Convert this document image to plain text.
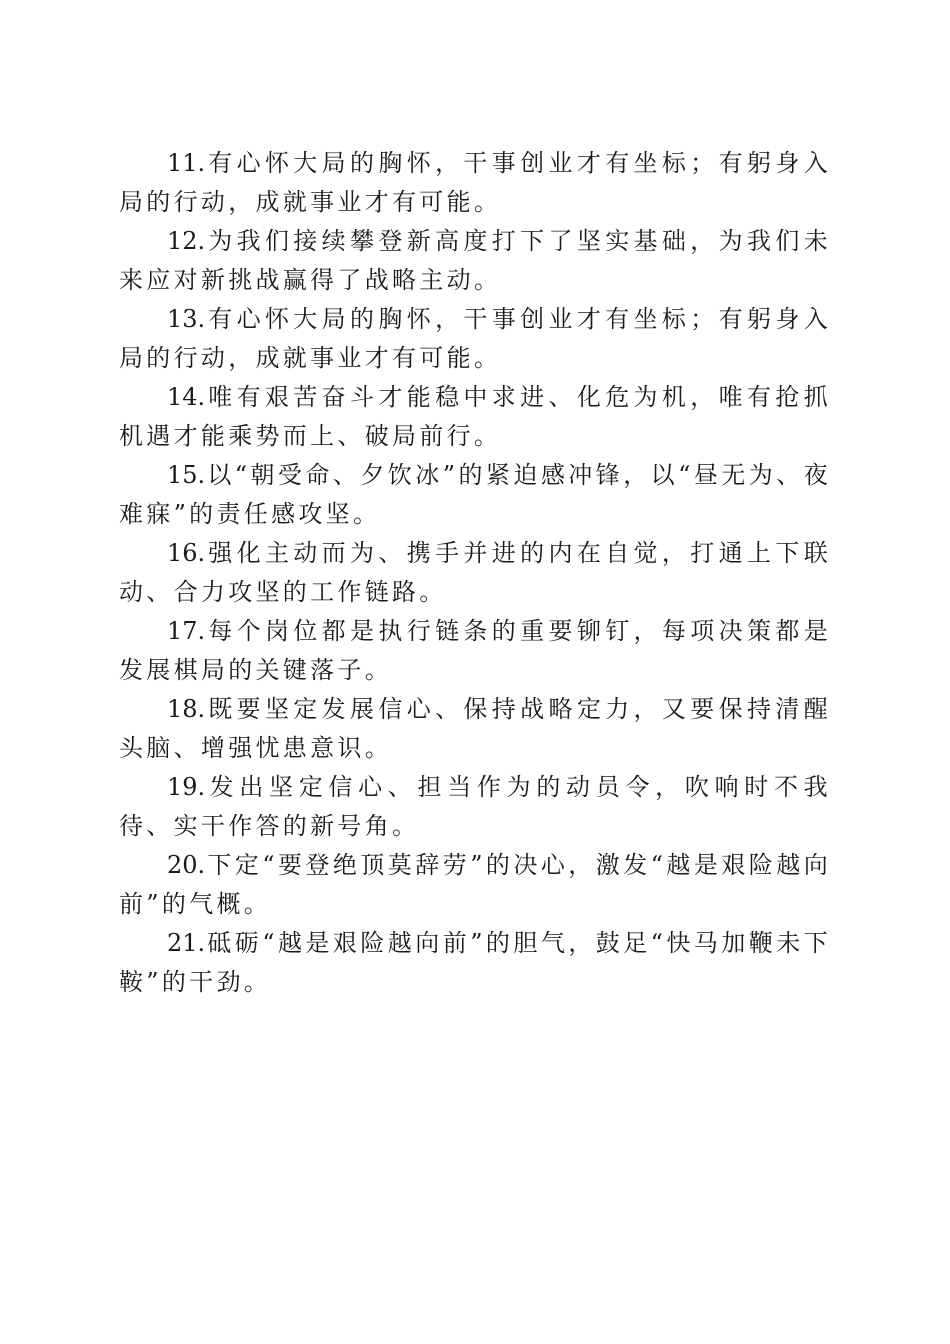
11.有心怀大局的胸怀，干事创业才有坐标；有躬身入局的行动，成就事业才有可能。

12.为我们接续攀登新高度打下了坚实基础，为我们未来应对新挑战赢得了战略主动。

13.有心怀大局的胸怀，干事创业才有坐标；有躬身入局的行动，成就事业才有可能。

14.唯有艰苦奋斗才能稳中求进、化危为机，唯有抢抓机遇才能乘势而上、破局前行。

15.以“朝受命、夕饮冰”的紧迫感冲锋，以“昼无为、夜难寐”的责任感攻坚。

16.强化主动而为、携手并进的内在自觉，打通上下联动、合力攻坚的工作链路。

17.每个岗位都是执行链条的重要铆钉，每项决策都是发展棋局的关键落子。

18.既要坚定发展信心、保持战略定力，又要保持清醒头脑、增强忧患意识。

19.发出坚定信心、担当作为的动员令，吹响时不我待、实干作答的新号角。

20.下定“要登绝顶莫辞劳”的决心，激发“越是艰险越向前”的气概。

21.砥砺“越是艰险越向前”的胆气，鼓足“快马加鞭未下鞍”的干劲。
